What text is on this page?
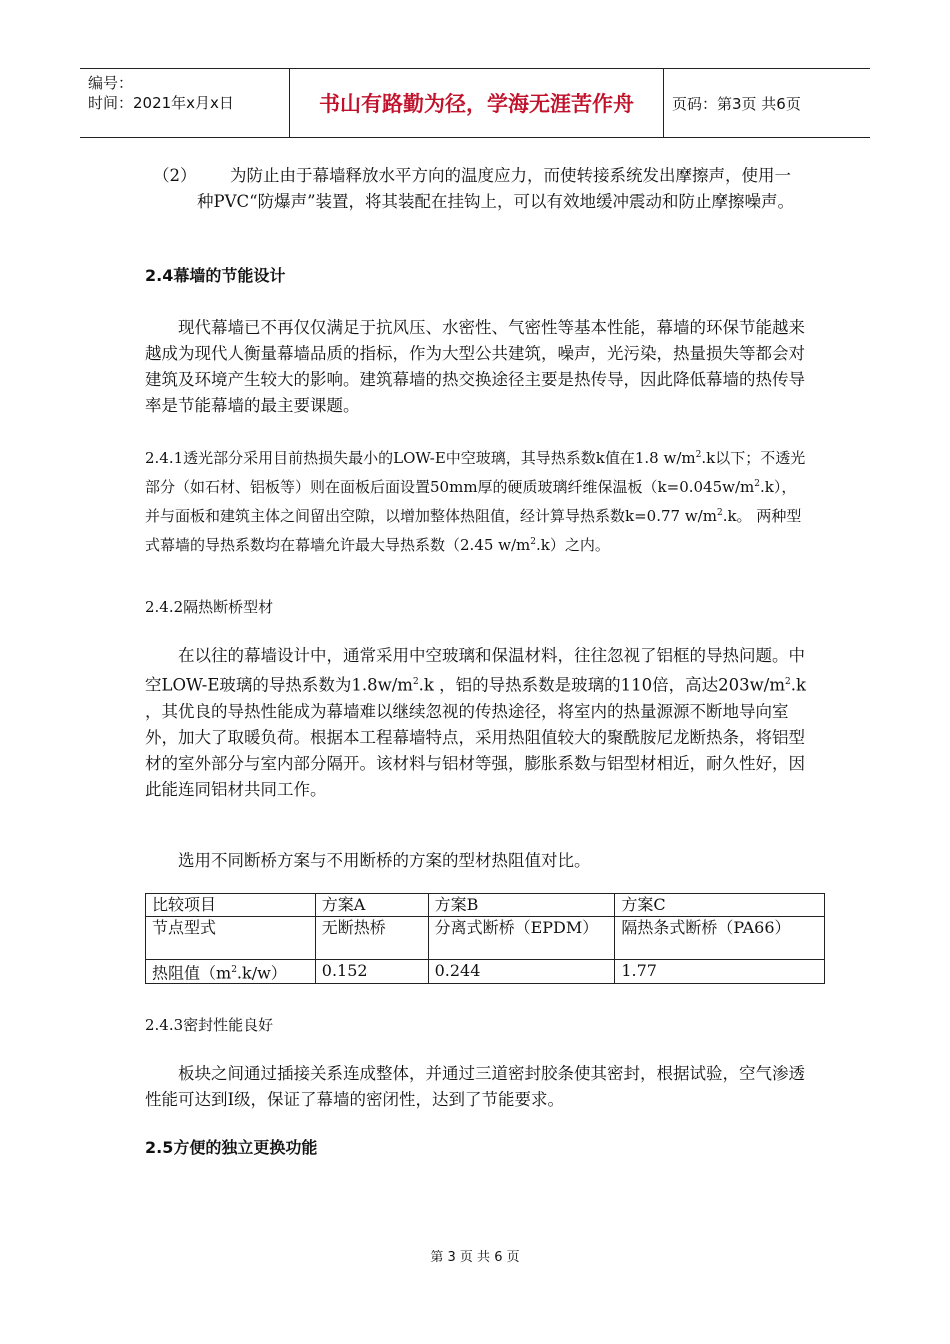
编号：
时间：2021年x月x日	书山有路勤为径，学海无涯苦作舟	页码：第3页 共6页
（2）	为防止由于幕墙释放水平方向的温度应力，而使转接系统发出摩擦声，使用一种PVC“防爆声”装置，将其装配在挂钩上，可以有效地缓冲震动和防止摩擦噪声。
2.4幕墙的节能设计
现代幕墙已不再仅仅满足于抗风压、水密性、气密性等基本性能，幕墙的环保节能越来越成为现代人衡量幕墙品质的指标，作为大型公共建筑，噪声，光污染，热量损失等都会对建筑及环境产生较大的影响。建筑幕墙的热交换途径主要是热传导，因此降低幕墙的热传导率是节能幕墙的最主要课题。
2.4.1透光部分采用目前热损失最小的LOW-E中空玻璃，其导热系数k值在1.8 $w/m^2.k$以下；不透光部分（如石材、铝板等）则在面板后面设置50mm厚的硬质玻璃纤维保温板$(k=0.045w/m^2.k)$，并与面板和建筑主体之间留出空隙，以增加整体热阻值，经计算导热系数k=0.77 $w/m^2.k$。 两种型式幕墙的导热系数均在幕墙允许最大导热系数（2.45 $w/m^2.k$）之内。
2.4.2隔热断桥型材
在以往的幕墙设计中，通常采用中空玻璃和保温材料，往往忽视了铝框的导热问题。中空LOW-E玻璃的导热系数为$1.8w/m^2.k$ ，铝的导热系数是玻璃的110倍，高达$203w/m^2.k$ ，其优良的导热性能成为幕墙难以继续忽视的传热途径，将室内的热量源源不断地导向室外，加大了取暖负荷。根据本工程幕墙特点，采用热阻值较大的聚酰胺尼龙断热条，将铝型材的室外部分与室内部分隔开。该材料与铝材等强，膨胀系数与铝型材相近，耐久性好，因此能连同铝材共同工作。
选用不同断桥方案与不用断桥的方案的型材热阻值对比。
比较项目	方案A	方案B	方案C
节点型式	无断热桥	分离式断桥（EPDM）	隔热条式断桥（PA66）
热阻值$(m^2.k/w)$	0.152	0.244	1.77
2.4.3密封性能良好
板块之间通过插接关系连成整体，并通过三道密封胶条使其密封，根据试验，空气渗透性能可达到Ⅰ级，保证了幕墙的密闭性，达到了节能要求。
2.5方便的独立更换功能
第 3 页 共 6 页
